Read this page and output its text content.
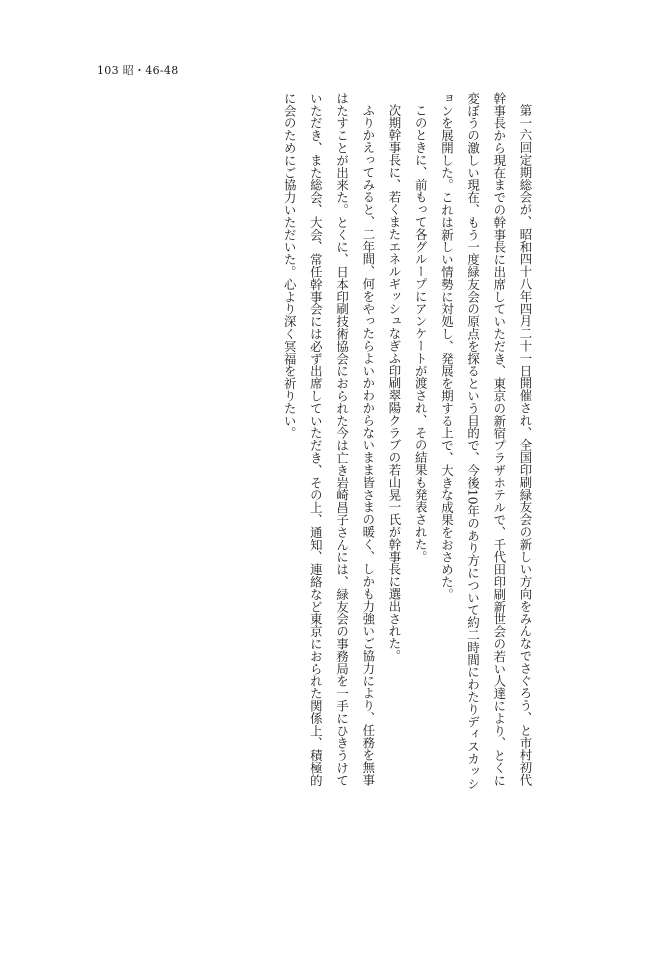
103 昭・46-48

第一六回定期総会が、昭和四十八年四月二十一日開催され、全国印刷緑友会の新しい方向をみんなでさぐろう、と市村初代幹事長から現在までの幹事長に出席していただき、東京の新宿プラザホテルで、千代田印刷新世会の若い人達により、とくに変ぼうの激しい現在、もう一度緑友会の原点を探るという目的で、今後10年のあり方について約二時間にわたりディスカッションを展開した。これは新しい情勢に対処し、発展を期する上で、大きな成果をおさめた。

このときに、前もって各グループにアンケートが渡され、その結果も発表された。

次期幹事長に、若くまたエネルギッシュなぎふ印刷翠陽クラブの若山晃一氏が幹事長に選出された。

ふりかえってみると、二年間、何をやったらよいかわからないまま皆さまの暖く、しかも力強いご協力により、任務を無事はたすことが出来た。とくに、日本印刷技術協会におられた今は亡き岩崎昌子さんには、緑友会の事務局を一手にひきうけていただき、また総会、大会、常任幹事会には必ず出席していただき、その上、通知、連絡など東京におられた関係上、積極的に会のためにご協力いただいた。心より深く冥福を祈りたい。
